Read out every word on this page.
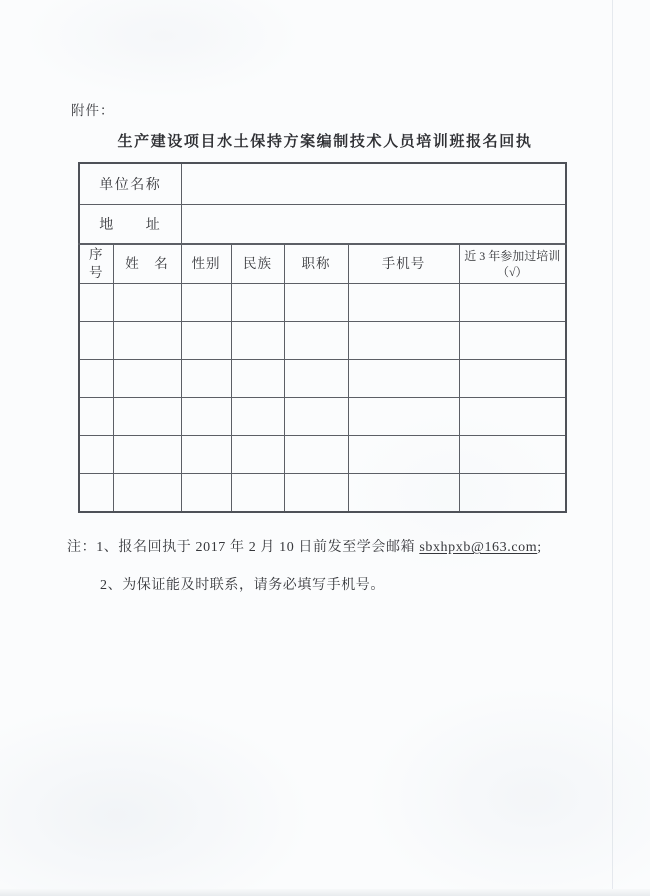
附件：
生产建设项目水土保持方案编制技术人员培训班报名回执
单位名称						
地　　址						
序号	姓　名	性别	民族	职称	手机号	近 3 年参加过培训（√）

注：1、报名回执于 2017 年 2 月 10 日前发至学会邮箱 sbxhpxb@163.com;
2、为保证能及时联系，请务必填写手机号。
